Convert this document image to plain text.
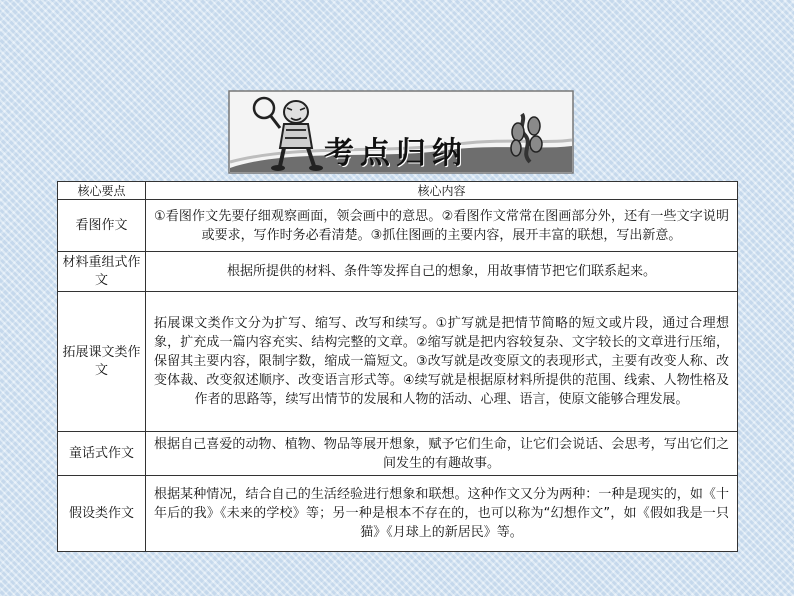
考点归纳
核心要点	核心内容
看图作文
①看图作文先要仔细观察画面，领会画中的意思。②看图作文常常在图画部分外，还有一些文字说明或要求，写作时务必看清楚。③抓住图画的主要内容，展开丰富的联想，写出新意。
材料重组式作文
根据所提供的材料、条件等发挥自己的想象，用故事情节把它们联系起来。
拓展课文类作文
拓展课文类作文分为扩写、缩写、改写和续写。①扩写就是把情节简略的短文或片段，通过合理想象，扩充成一篇内容充实、结构完整的文章。②缩写就是把内容较复杂、文字较长的文章进行压缩，保留其主要内容，限制字数，缩成一篇短文。③改写就是改变原文的表现形式，主要有改变人称、改变体裁、改变叙述顺序、改变语言形式等。④续写就是根据原材料所提供的范围、线索、人物性格及作者的思路等，续写出情节的发展和人物的活动、心理、语言，使原文能够合理发展。
童话式作文
根据自己喜爱的动物、植物、物品等展开想象，赋予它们生命，让它们会说话、会思考，写出它们之间发生的有趣故事。
假设类作文
根据某种情况，结合自己的生活经验进行想象和联想。这种作文又分为两种：一种是现实的，如《十年后的我》《未来的学校》等；另一种是根本不存在的，也可以称为“幻想作文”，如《假如我是一只猫》《月球上的新居民》等。
